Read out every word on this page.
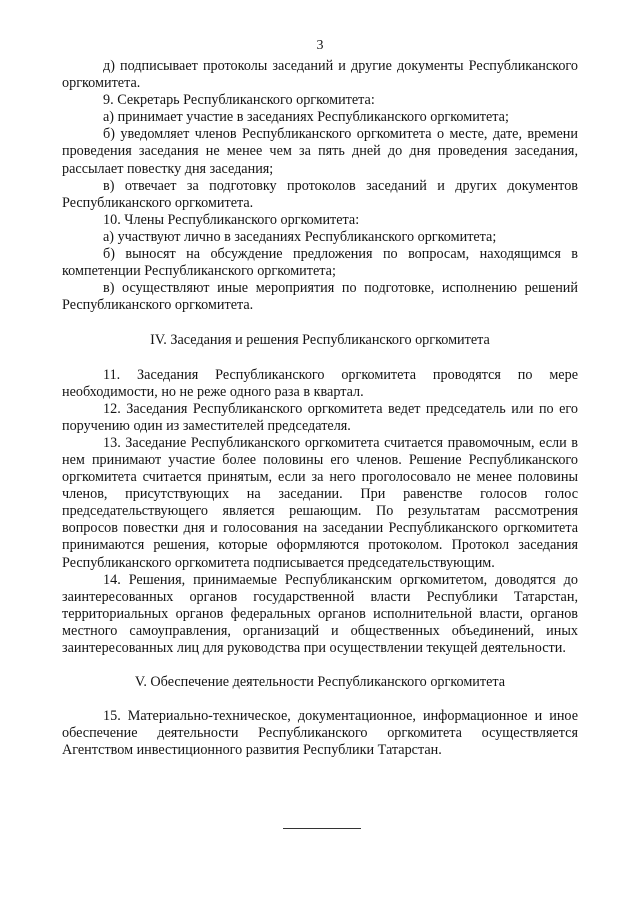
3

д) подписывает протоколы заседаний и другие документы Республиканского оргкомитета.

9. Секретарь Республиканского оргкомитета:

а) принимает участие в заседаниях Республиканского оргкомитета;

б) уведомляет членов Республиканского оргкомитета о месте, дате, времени проведения заседания не менее чем за пять дней до дня проведения заседания, рассылает повестку дня заседания;

в) отвечает за подготовку протоколов заседаний и других документов Республиканского оргкомитета.

10. Члены Республиканского оргкомитета:

а) участвуют лично в заседаниях Республиканского оргкомитета;

б) выносят на обсуждение предложения по вопросам, находящимся в компетенции Республиканского оргкомитета;

в) осуществляют иные мероприятия по подготовке, исполнению решений Республиканского оргкомитета.

IV. Заседания и решения Республиканского оргкомитета

11. Заседания Республиканского оргкомитета проводятся по мере необходимости, но не реже одного раза в квартал.

12. Заседания Республиканского оргкомитета ведет председатель или по его поручению один из заместителей председателя.

13. Заседание Республиканского оргкомитета считается правомочным, если в нем принимают участие более половины его членов. Решение Республиканского оргкомитета считается принятым, если за него проголосовало не менее половины членов, присутствующих на заседании. При равенстве голосов голос председательствующего является решающим. По результатам рассмотрения вопросов повестки дня и голосования на заседании Республиканского оргкомитета принимаются решения, которые оформляются протоколом. Протокол заседания Республиканского оргкомитета подписывается председательствующим.

14. Решения, принимаемые Республиканским оргкомитетом, доводятся до заинтересованных органов государственной власти Республики Татарстан, территориальных органов федеральных органов исполнительной власти, органов местного самоуправления, организаций и общественных объединений, иных заинтересованных лиц для руководства при осуществлении текущей деятельности.

V. Обеспечение деятельности Республиканского оргкомитета

15. Материально-техническое, документационное, информационное и иное обеспечение деятельности Республиканского оргкомитета осуществляется Агентством инвестиционного развития Республики Татарстан.
